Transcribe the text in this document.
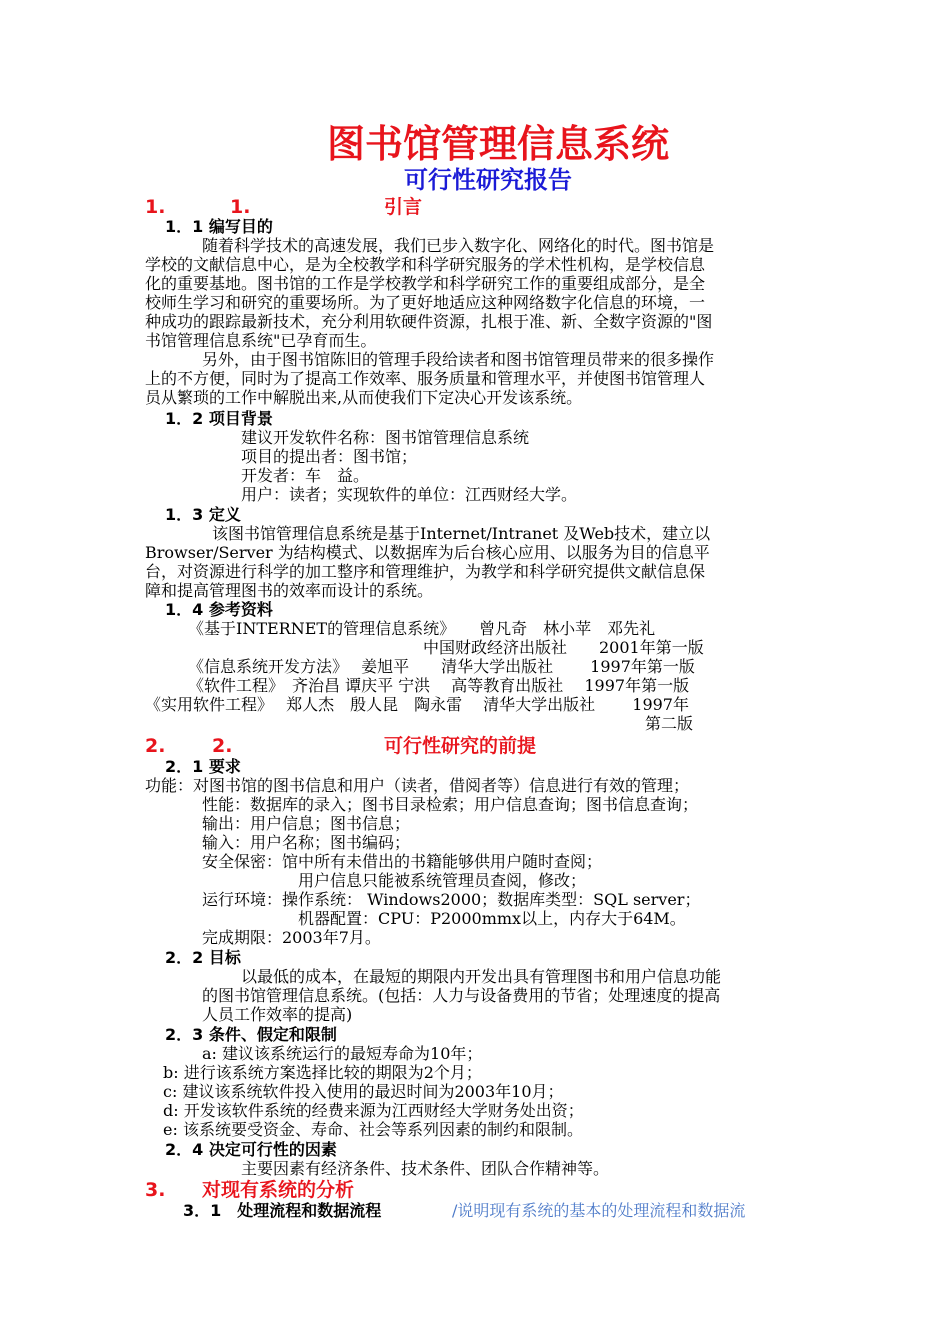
图书馆管理信息系统
可行性研究报告
1.	1.	引言
1．1 编写目的
随着科学技术的高速发展，我们已步入数字化、网络化的时代。图书馆是
学校的文献信息中心，是为全校教学和科学研究服务的学术性机构，是学校信息
化的重要基地。图书馆的工作是学校教学和科学研究工作的重要组成部分，是全
校师生学习和研究的重要场所。为了更好地适应这种网络数字化信息的环境，一
种成功的跟踪最新技术，充分利用软硬件资源，扎根于准、新、全数字资源的"图
书馆管理信息系统"已孕育而生。
另外，由于图书馆陈旧的管理手段给读者和图书馆管理员带来的很多操作
上的不方便，同时为了提高工作效率、服务质量和管理水平，并使图书馆管理人
员从繁琐的工作中解脱出来,从而使我们下定决心开发该系统。
1．2 项目背景
建议开发软件名称：图书馆管理信息系统
项目的提出者：图书馆；
开发者：车　益。
用户：读者；实现软件的单位：江西财经大学。
1．3 定义
该图书馆管理信息系统是基于Internet/Intranet 及Web技术，建立以
Browser/Server 为结构模式、以数据库为后台核心应用、以服务为目的信息平
台，对资源进行科学的加工整序和管理维护，为教学和科学研究提供文献信息保
障和提高管理图书的效率而设计的系统。
1．4 参考资料
《基于INTERNET的管理信息系统》　　曾凡奇　林小苹　邓先礼
中国财政经济出版社　　2001年第一版
《信息系统开发方法》　 姜旭平　　清华大学出版社　　 1997年第一版
《软件工程》　齐治昌 谭庆平 宁洪　 高等教育出版社　 1997年第一版
《实用软件工程》　 郑人杰　殷人昆　陶永雷　 清华大学出版社　　 1997年
第二版
2. 2.	可行性研究的前提
2．1 要求
功能：对图书馆的图书信息和用户（读者，借阅者等）信息进行有效的管理；
性能：数据库的录入；图书目录检索；用户信息查询；图书信息查询；
输出：用户信息；图书信息；
输入：用户名称；图书编码；
安全保密：馆中所有未借出的书籍能够供用户随时查阅；
用户信息只能被系统管理员查阅，修改；
运行环境：操作系统： Windows2000；数据库类型：SQL server；
机器配置：CPU：P2000mmx以上，内存大于64M。
完成期限：2003年7月。
2．2 目标
以最低的成本，在最短的期限内开发出具有管理图书和用户信息功能
的图书馆管理信息系统。(包括：人力与设备费用的节省；处理速度的提高
人员工作效率的提高)
2．3 条件、假定和限制
a: 建议该系统运行的最短寿命为10年；
b: 进行该系统方案选择比较的期限为2个月；
c: 建议该系统软件投入使用的最迟时间为2003年10月；
d: 开发该软件系统的经费来源为江西财经大学财务处出资；
e: 该系统要受资金、寿命、社会等系列因素的制约和限制。
2．4 决定可行性的因素
主要因素有经济条件、技术条件、团队合作精神等。
3. 对现有系统的分析
3．1　处理流程和数据流程	/说明现有系统的基本的处理流程和数据流
